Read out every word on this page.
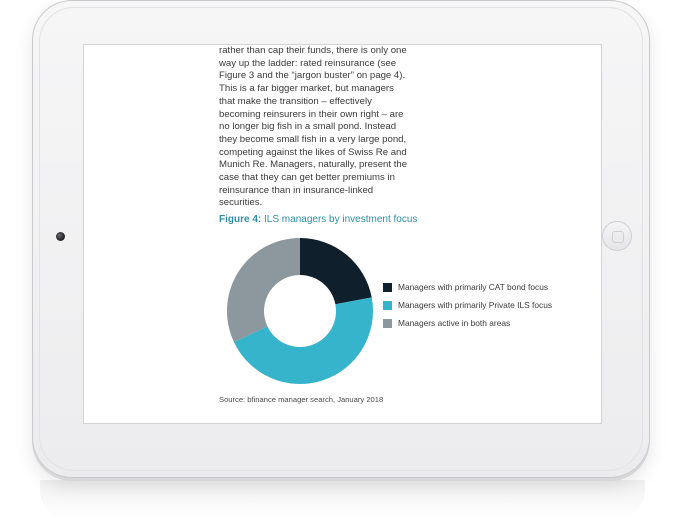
rather than cap their funds, there is only one way up the ladder: rated reinsurance (see Figure 3 and the “jargon buster” on page 4). This is a far bigger market, but managers that make the transition – effectively becoming reinsurers in their own right – are no longer big fish in a small pond. Instead they become small fish in a very large pond, competing against the likes of Swiss Re and Munich Re. Managers, naturally, present the case that they can get better premiums in reinsurance than in insurance-linked securities.

Figure 4: ILS managers by investment focus

Managers with primarily CAT bond focus
Managers with primarily Private ILS focus
Managers active in both areas

Source: bfinance manager search, January 2018
